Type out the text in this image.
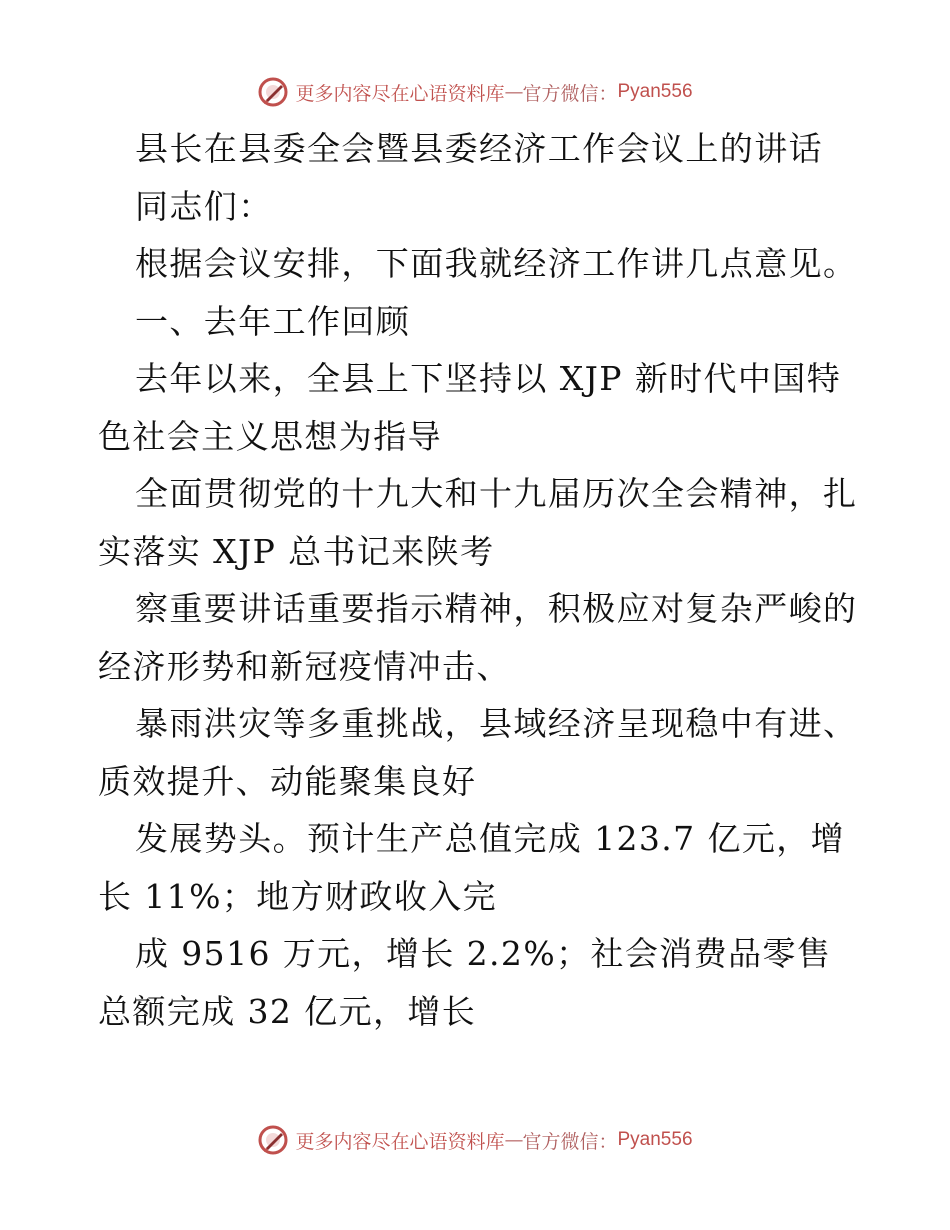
更多内容尽在心语资料库 — 官方微信： Pyan556

县长在县委全会暨县委经济工作会议上的讲话

同志们：

根据会议安排，下面我就经济工作讲几点意见。

一、去年工作回顾

去年以来，全县上下坚持以 XJP 新时代中国特色社会主义思想为指导

全面贯彻党的十九大和十九届历次全会精神，扎实落实 XJP 总书记来陕考

察重要讲话重要指示精神，积极应对复杂严峻的经济形势和新冠疫情冲击、

暴雨洪灾等多重挑战，县域经济呈现稳中有进、质效提升、动能聚集良好

发展势头。预计生产总值完成 123.7 亿元，增长 11%；地方财政收入完

成 9516 万元，增长 2.2%；社会消费品零售总额完成 32 亿元，增长

更多内容尽在心语资料库 — 官方微信： Pyan556
